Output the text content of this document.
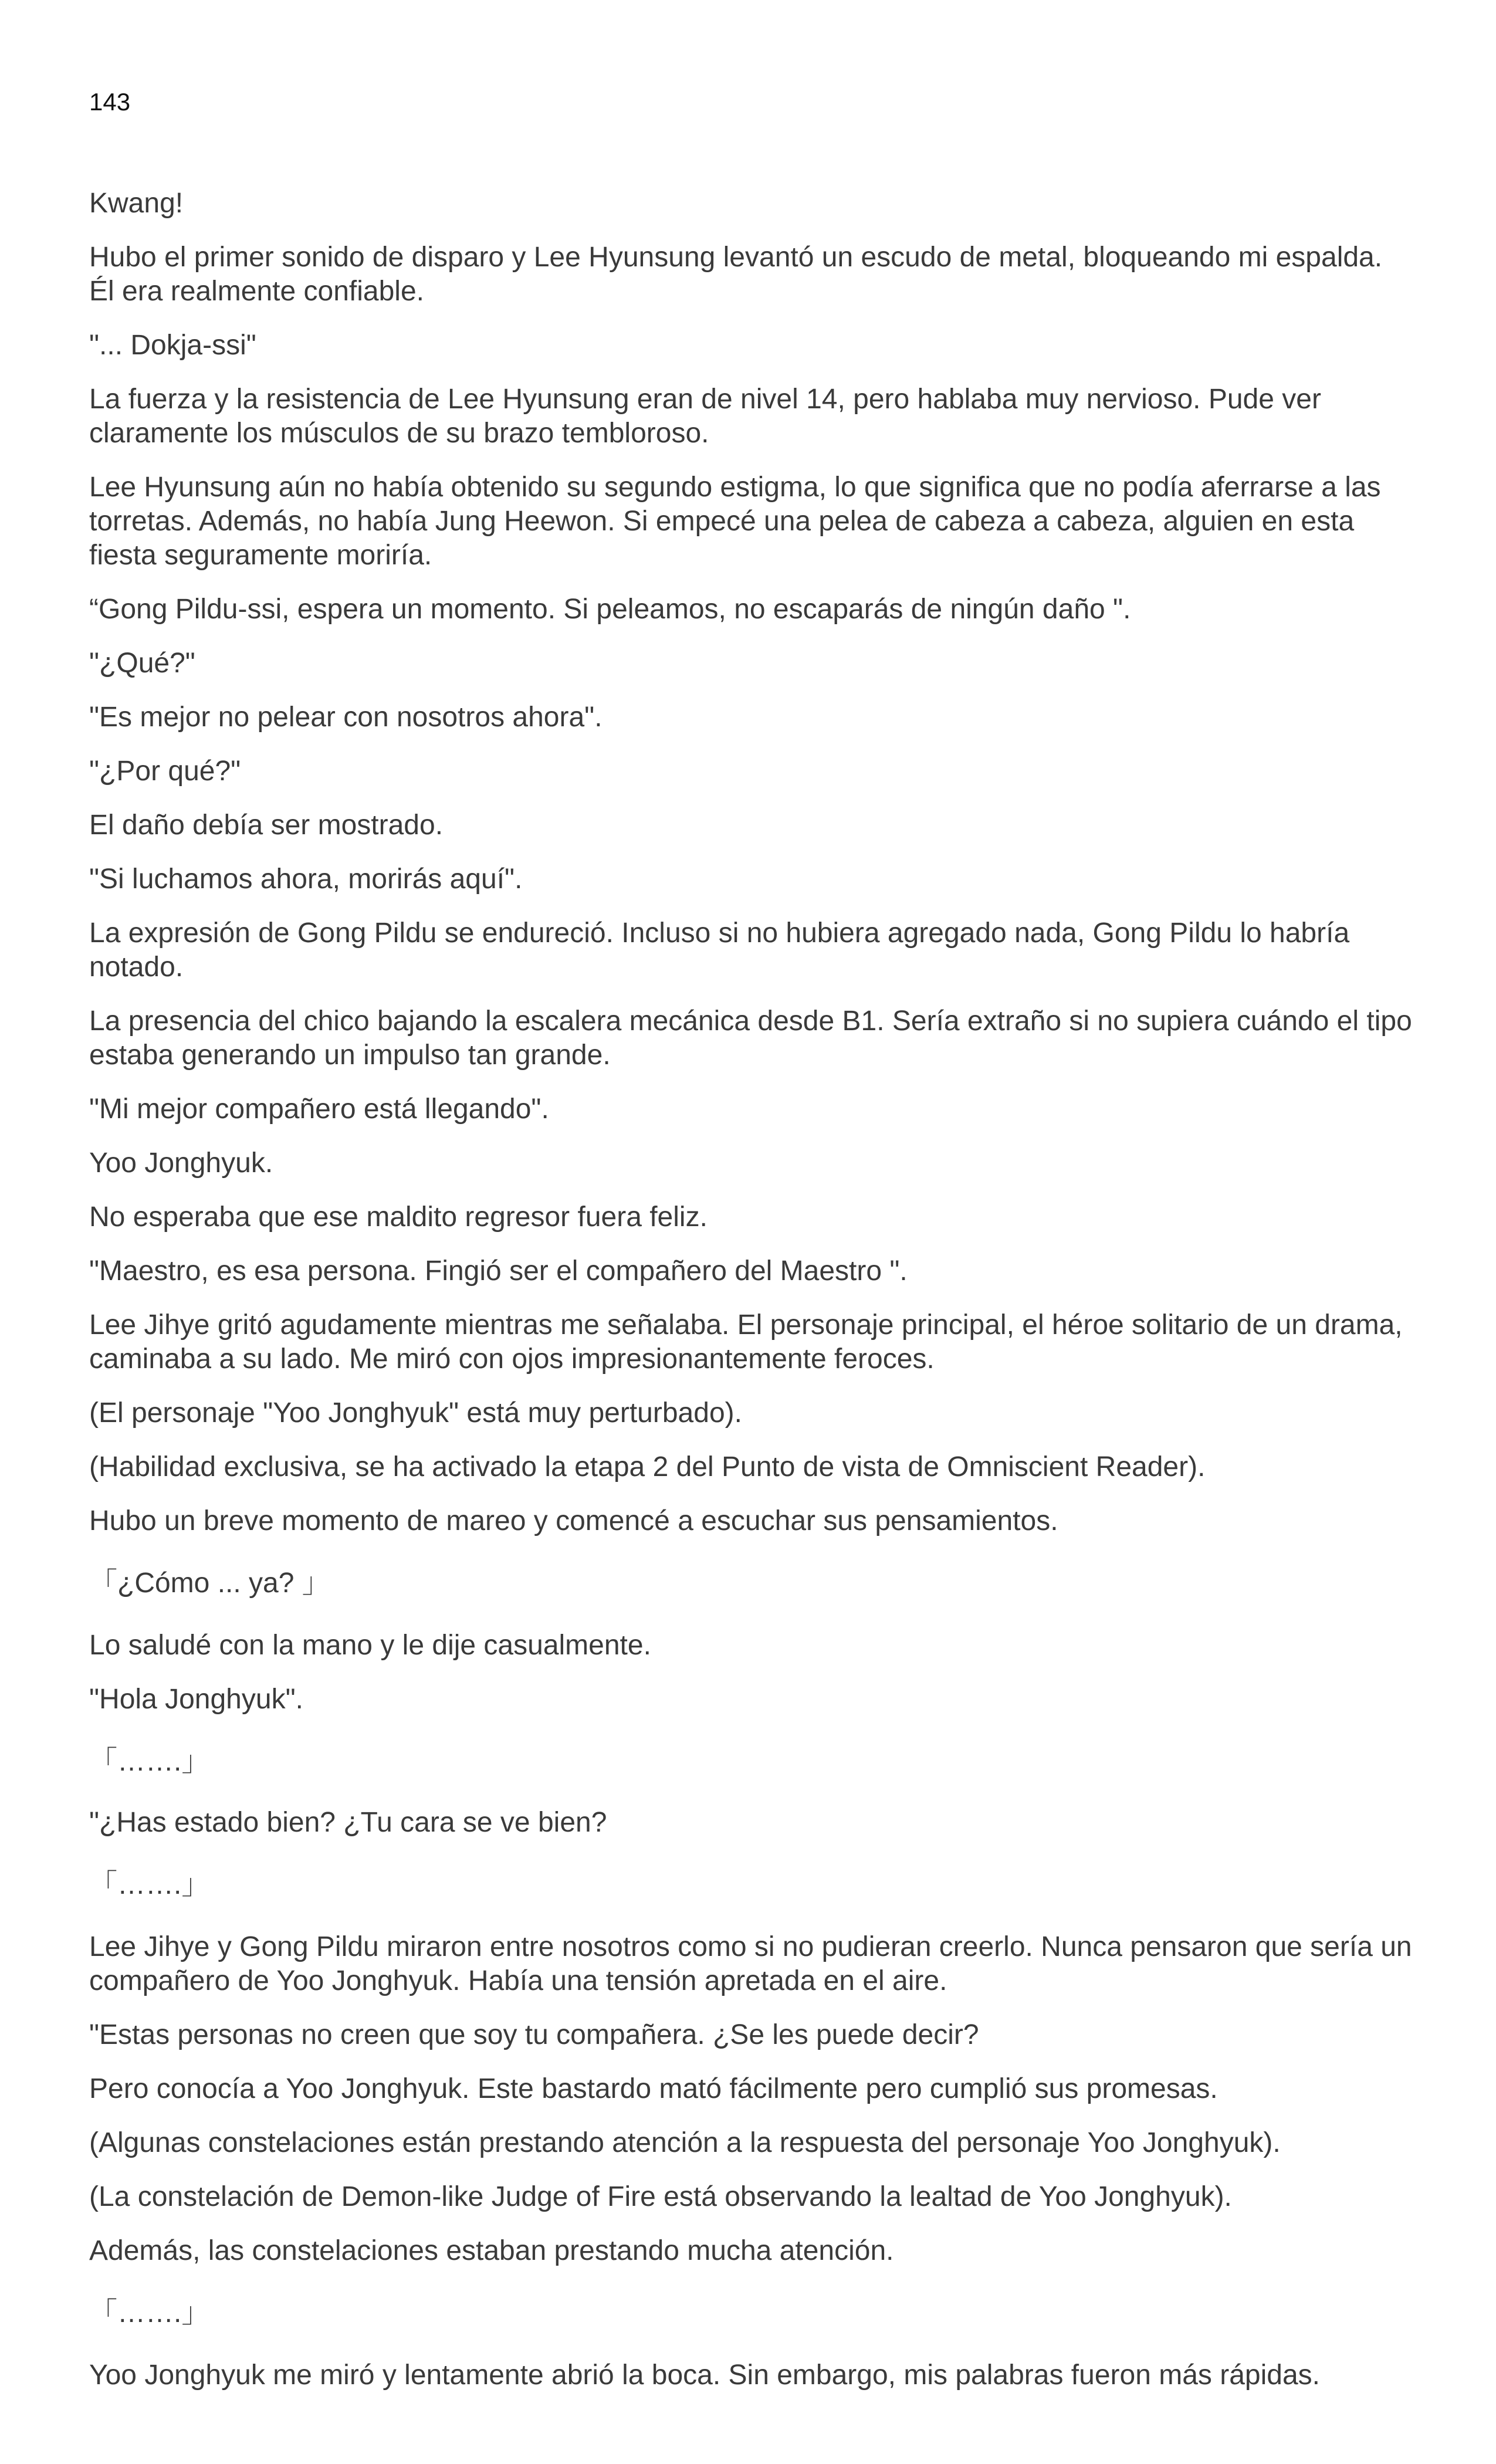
143

Kwang!

Hubo el primer sonido de disparo y Lee Hyunsung levantó un escudo de metal, bloqueando mi espalda. Él era realmente confiable.

"... Dokja-ssi"

La fuerza y la resistencia de Lee Hyunsung eran de nivel 14, pero hablaba muy nervioso. Pude ver claramente los músculos de su brazo tembloroso.

Lee Hyunsung aún no había obtenido su segundo estigma, lo que significa que no podía aferrarse a las torretas. Además, no había Jung Heewon. Si empecé una pelea de cabeza a cabeza, alguien en esta fiesta seguramente moriría.

“Gong Pildu-ssi, espera un momento. Si peleamos, no escaparás de ningún daño ".

"¿Qué?"

"Es mejor no pelear con nosotros ahora".

"¿Por qué?"

El daño debía ser mostrado.

"Si luchamos ahora, morirás aquí".

La expresión de Gong Pildu se endureció. Incluso si no hubiera agregado nada, Gong Pildu lo habría notado.

La presencia del chico bajando la escalera mecánica desde B1. Sería extraño si no supiera cuándo el tipo estaba generando un impulso tan grande.

"Mi mejor compañero está llegando".

Yoo Jonghyuk.

No esperaba que ese maldito regresor fuera feliz.

"Maestro, es esa persona. Fingió ser el compañero del Maestro ".

Lee Jihye gritó agudamente mientras me señalaba. El personaje principal, el héroe solitario de un drama, caminaba a su lado. Me miró con ojos impresionantemente feroces.

(El personaje "Yoo Jonghyuk" está muy perturbado).

(Habilidad exclusiva, se ha activado la etapa 2 del Punto de vista de Omniscient Reader).

Hubo un breve momento de mareo y comencé a escuchar sus pensamientos.

「¿Cómo ... ya? 」

Lo saludé con la mano y le dije casualmente.

"Hola Jonghyuk".

「…….」

"¿Has estado bien? ¿Tu cara se ve bien?

「…….」

Lee Jihye y Gong Pildu miraron entre nosotros como si no pudieran creerlo. Nunca pensaron que sería un compañero de Yoo Jonghyuk. Había una tensión apretada en el aire.

"Estas personas no creen que soy tu compañera. ¿Se les puede decir?

Pero conocía a Yoo Jonghyuk. Este bastardo mató fácilmente pero cumplió sus promesas.

(Algunas constelaciones están prestando atención a la respuesta del personaje Yoo Jonghyuk).

(La constelación de Demon-like Judge of Fire está observando la lealtad de Yoo Jonghyuk).

Además, las constelaciones estaban prestando mucha atención.

「…….」

Yoo Jonghyuk me miró y lentamente abrió la boca. Sin embargo, mis palabras fueron más rápidas.
